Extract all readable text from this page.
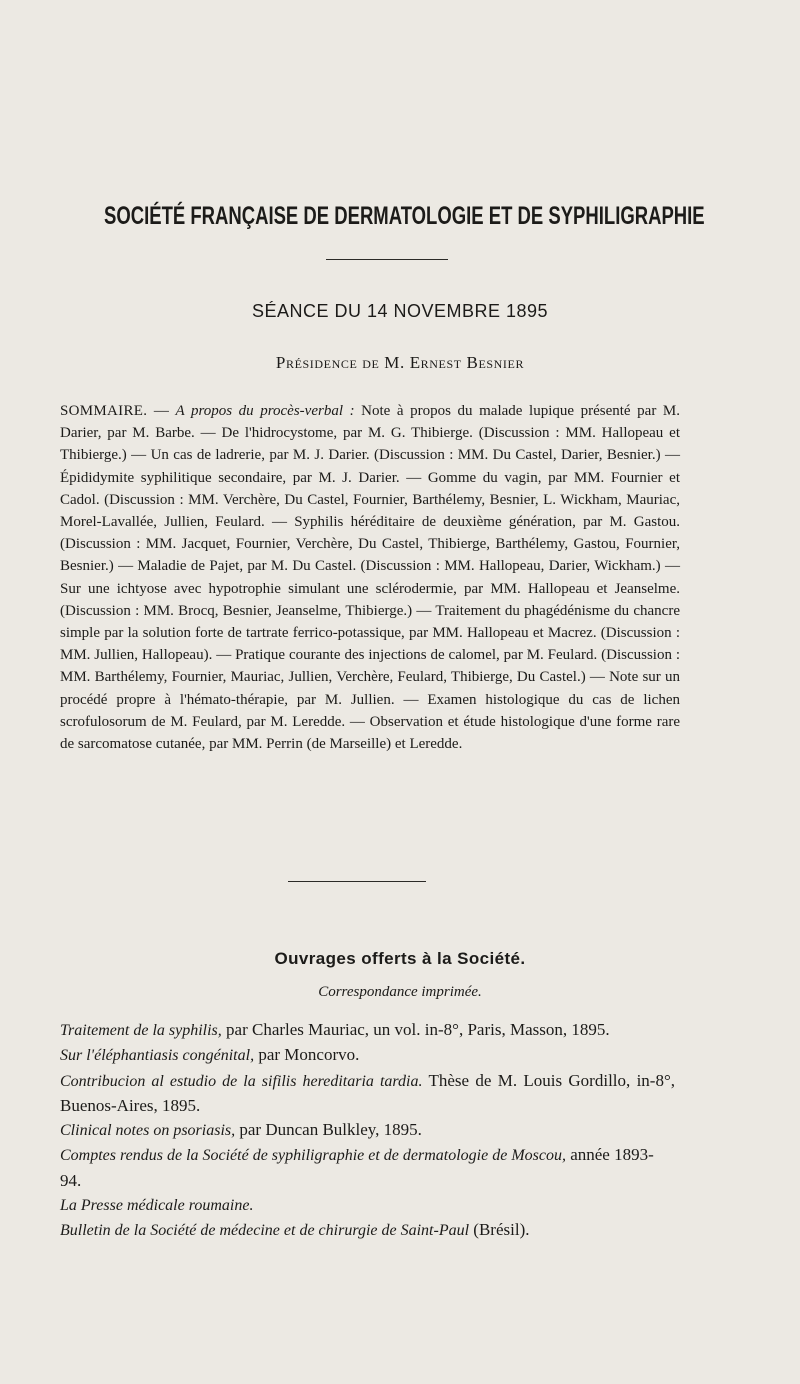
SOCIÉTÉ FRANÇAISE DE DERMATOLOGIE ET DE SYPHILIGRAPHIE
SÉANCE DU 14 NOVEMBRE 1895
Présidence de M. Ernest Besnier
SOMMAIRE. — A propos du procès-verbal : Note à propos du malade lupique présenté par M. Darier, par M. Barbe. — De l'hidrocystome, par M. G. Thibierge. (Discussion : MM. Hallopeau et Thibierge.) — Un cas de ladrerie, par M. J. Darier. (Discussion : MM. Du Castel, Darier, Besnier.) — Épididymite syphilitique secondaire, par M. J. Darier. — Gomme du vagin, par MM. Fournier et Cadol. (Discussion : MM. Verchère, Du Castel, Fournier, Barthélemy, Besnier, L. Wickham, Mauriac, Morel-Lavallée, Jullien, Feulard. — Syphilis héréditaire de deuxième génération, par M. Gastou. (Discussion : MM. Jacquet, Fournier, Verchère, Du Castel, Thibierge, Barthélemy, Gastou, Fournier, Besnier.) — Maladie de Pajet, par M. Du Castel. (Discussion : MM. Hallopeau, Darier, Wickham.) — Sur une ichtyose avec hypotrophie simulant une sclérodermie, par MM. Hallopeau et Jeanselme. (Discussion : MM. Brocq, Besnier, Jeanselme, Thibierge.) — Traitement du phagédénisme du chancre simple par la solution forte de tartrate ferrico-potassique, par MM. Hallopeau et Macrez. (Discussion : MM. Jullien, Hallopeau). — Pratique courante des injections de calomel, par M. Feulard. (Discussion : MM. Barthélemy, Fournier, Mauriac, Jullien, Verchère, Feulard, Thibierge, Du Castel.) — Note sur un procédé propre à l'hémato-thérapie, par M. Jullien. — Examen histologique du cas de lichen scrofulosorum de M. Feulard, par M. Leredde. — Observation et étude histologique d'une forme rare de sarcomatose cutanée, par MM. Perrin (de Marseille) et Leredde.
Ouvrages offerts à la Société.
Correspondance imprimée.
Traitement de la syphilis, par Charles Mauriac, un vol. in-8°, Paris, Masson, 1895.
Sur l'éléphantiasis congénital, par Moncorvo.
Contribucion al estudio de la sifilis hereditaria tardia. Thèse de M. Louis Gordillo, in-8°, Buenos-Aires, 1895.
Clinical notes on psoriasis, par Duncan Bulkley, 1895.
Comptes rendus de la Société de syphiligraphie et de dermatologie de Moscou, année 1893-94.
La Presse médicale roumaine.
Bulletin de la Société de médecine et de chirurgie de Saint-Paul (Brésil).
